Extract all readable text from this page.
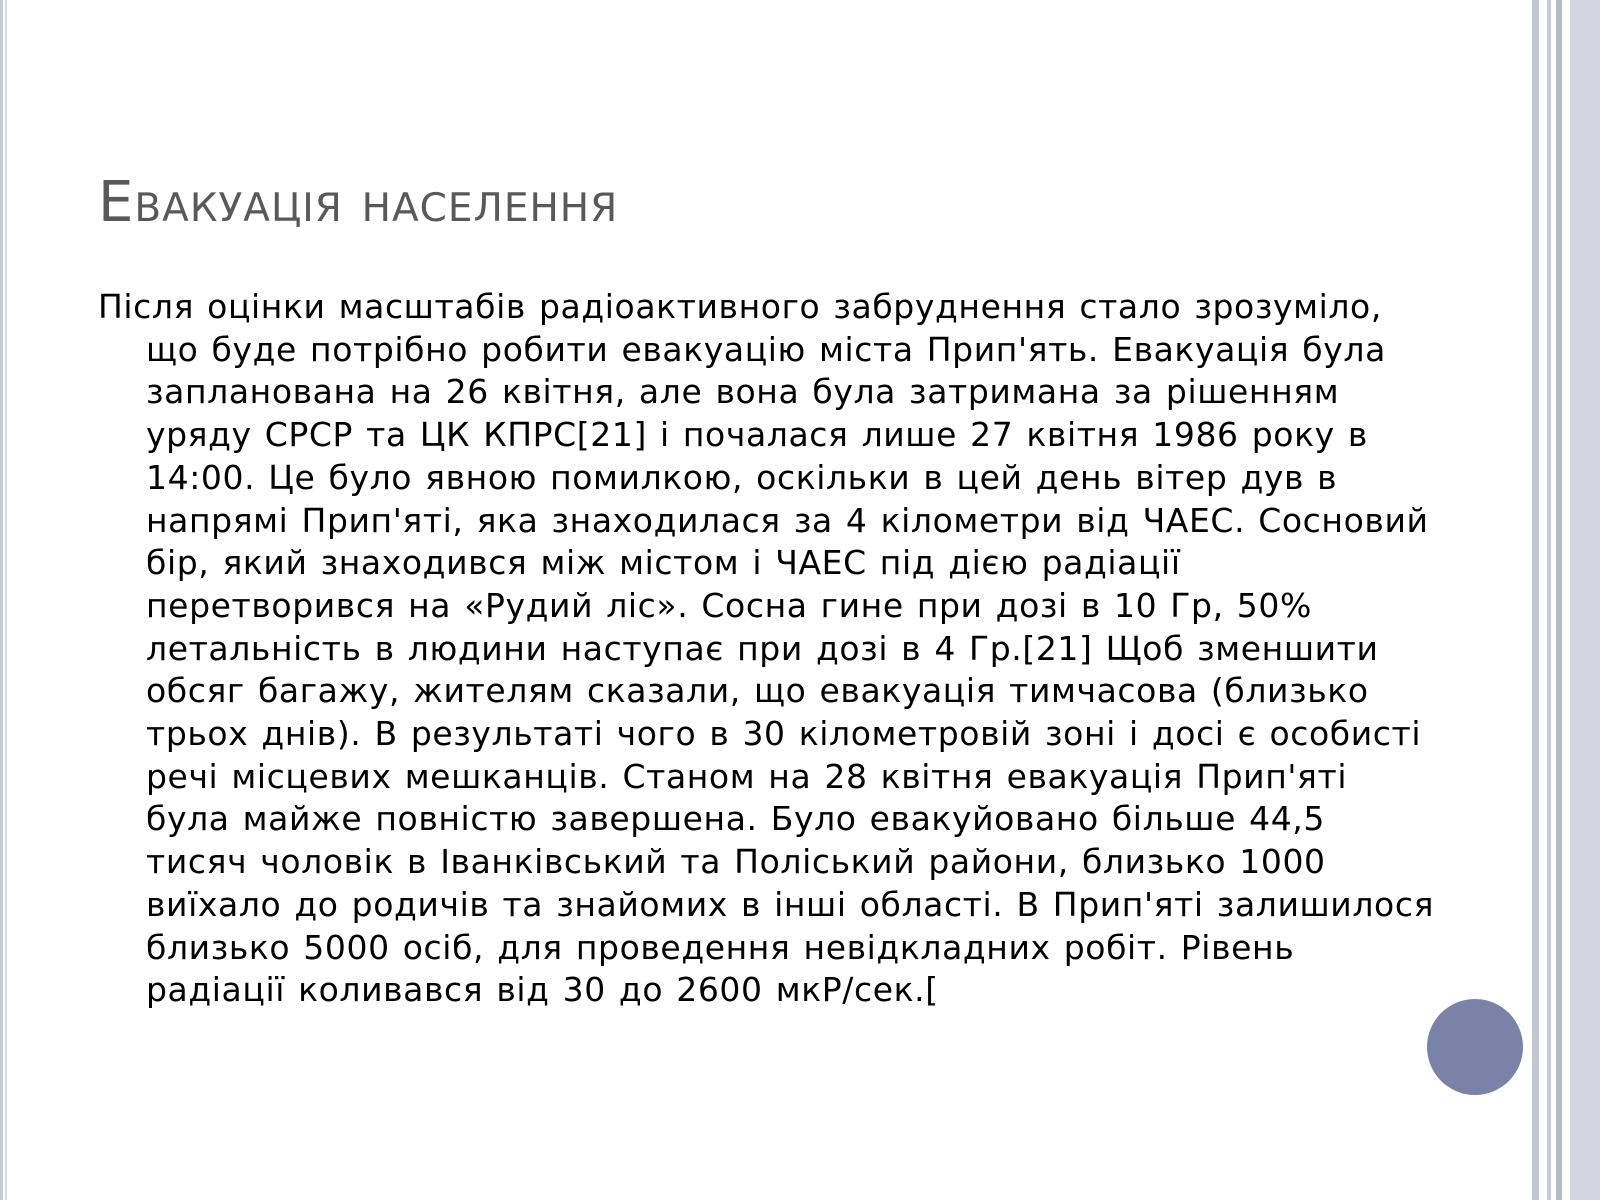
Евакуація населення

Після оцінки масштабів радіоактивного забруднення стало зрозуміло, що буде потрібно робити евакуацію міста Прип'ять. Евакуація була запланована на 26 квітня, але вона була затримана за рішенням уряду СРСР та ЦК КПРС[21] і почалася лише 27 квітня 1986 року в 14:00. Це було явною помилкою, оскільки в цей день вітер дув в напрямі Прип'яті, яка знаходилася за 4 кілометри від ЧАЕС. Сосновий бір, який знаходився між містом і ЧАЕС під дією радіації перетворився на «Рудий ліс». Сосна гине при дозі в 10 Гр, 50% летальність в людини наступає при дозі в 4 Гр.[21] Щоб зменшити обсяг багажу, жителям сказали, що евакуація тимчасова (близько трьох днів). В результаті чого в 30 кілометровій зоні і досі є особисті речі місцевих мешканців. Станом на 28 квітня евакуація Прип'яті була майже повністю завершена. Було евакуйовано більше 44,5 тисяч чоловік в Іванківський та Поліський райони, близько 1000 виїхало до родичів та знайомих в інші області. В Прип'яті залишилося близько 5000 осіб, для проведення невідкладних робіт. Рівень радіації коливався від 30 до 2600 мкР/сек.[
